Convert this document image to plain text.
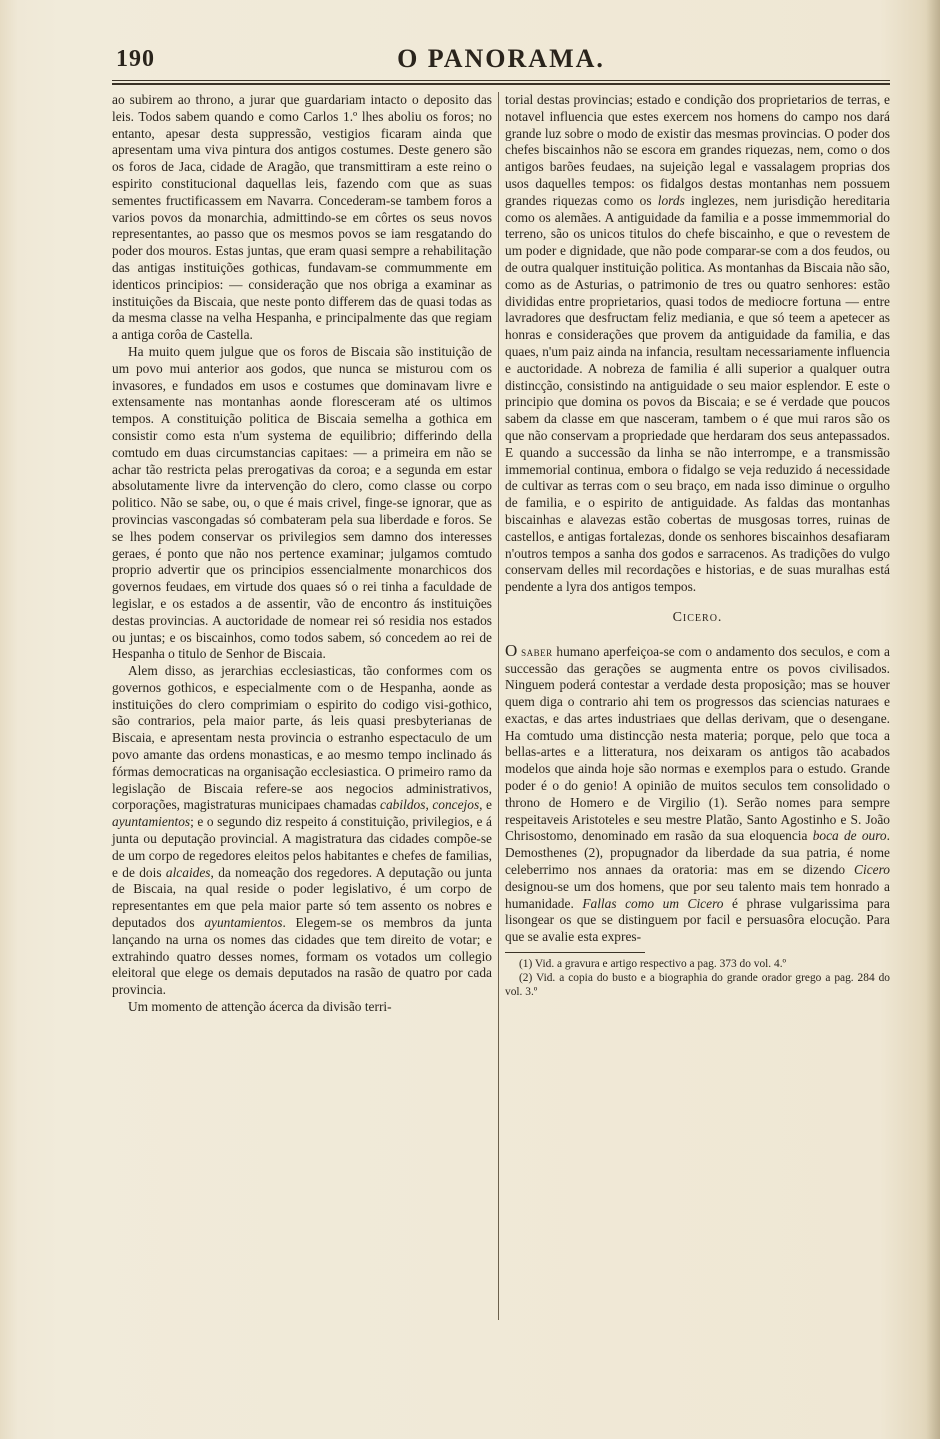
190	O PANORAMA.

ao subirem ao throno, a jurar que guardariam intacto o deposito das leis. Todos sabem quando e como Carlos 1.º lhes aboliu os foros; no entanto, apesar desta suppressão, vestigios ficaram ainda que apresentam uma viva pintura dos antigos costumes. Deste genero são os foros de Jaca, cidade de Aragão, que transmittiram a este reino o espirito constitucional daquellas leis, fazendo com que as suas sementes fructificassem em Navarra. Concederam-se tambem foros a varios povos da monarchia, admittindo-se em côrtes os seus novos representantes, ao passo que os mesmos povos se iam resgatando do poder dos mouros. Estas juntas, que eram quasi sempre a rehabilitação das antigas instituições gothicas, fundavam-se commummente em identicos principios: — consideração que nos obriga a examinar as instituições da Biscaia, que neste ponto differem das de quasi todas as da mesma classe na velha Hespanha, e principalmente das que regiam a antiga corôa de Castella.

Ha muito quem julgue que os foros de Biscaia são instituição de um povo mui anterior aos godos, que nunca se misturou com os invasores, e fundados em usos e costumes que dominavam livre e extensamente nas montanhas aonde floresceram até os ultimos tempos. A constituição politica de Biscaia semelha a gothica em consistir como esta n'um systema de equilibrio; differindo della comtudo em duas circumstancias capitaes: — a primeira em não se achar tão restricta pelas prerogativas da coroa; e a segunda em estar absolutamente livre da intervenção do clero, como classe ou corpo politico. Não se sabe, ou, o que é mais crivel, finge-se ignorar, que as provincias vascongadas só combateram pela sua liberdade e foros. Se se lhes podem conservar os privilegios sem damno dos interesses geraes, é ponto que não nos pertence examinar; julgamos comtudo proprio advertir que os principios essencialmente monarchicos dos governos feudaes, em virtude dos quaes só o rei tinha a faculdade de legislar, e os estados a de assentir, vão de encontro ás instituições destas provincias. A auctoridade de nomear rei só residia nos estados ou juntas; e os biscainhos, como todos sabem, só concedem ao rei de Hespanha o titulo de Senhor de Biscaia.

Alem disso, as jerarchias ecclesiasticas, tão conformes com os governos gothicos, e especialmente com o de Hespanha, aonde as instituições do clero comprimiam o espirito do codigo visi-gothico, são contrarios, pela maior parte, ás leis quasi presbyterianas de Biscaia, e apresentam nesta provincia o estranho espectaculo de um povo amante das ordens monasticas, e ao mesmo tempo inclinado ás fórmas democraticas na organisação ecclesiastica. O primeiro ramo da legislação de Biscaia refere-se aos negocios administrativos, corporações, magistraturas municipaes chamadas cabildos, concejos, e ayuntamientos; e o segundo diz respeito á constituição, privilegios, e á junta ou deputação provincial. A magistratura das cidades compõe-se de um corpo de regedores eleitos pelos habitantes e chefes de familias, e de dois alcaides, da nomeação dos regedores. A deputação ou junta de Biscaia, na qual reside o poder legislativo, é um corpo de representantes em que pela maior parte só tem assento os nobres e deputados dos ayuntamientos. Elegem-se os membros da junta lançando na urna os nomes das cidades que tem direito de votar; e extrahindo quatro desses nomes, formam os votados um collegio eleitoral que elege os demais deputados na rasão de quatro por cada provincia.

Um momento de attenção ácerca da divisão terri-

torial destas provincias; estado e condição dos proprietarios de terras, e notavel influencia que estes exercem nos homens do campo nos dará grande luz sobre o modo de existir das mesmas provincias. O poder dos chefes biscainhos não se escora em grandes riquezas, nem, como o dos antigos barões feudaes, na sujeição legal e vassalagem proprias dos usos daquelles tempos: os fidalgos destas montanhas nem possuem grandes riquezas como os lords inglezes, nem jurisdição hereditaria como os alemães. A antiguidade da familia e a posse immemmorial do terreno, são os unicos titulos do chefe biscainho, e que o revestem de um poder e dignidade, que não pode comparar-se com a dos feudos, ou de outra qualquer instituição politica. As montanhas da Biscaia não são, como as de Asturias, o patrimonio de tres ou quatro senhores: estão divididas entre proprietarios, quasi todos de mediocre fortuna — entre lavradores que desfructam feliz mediania, e que só teem a apetecer as honras e considerações que provem da antiguidade da familia, e das quaes, n'um paiz ainda na infancia, resultam necessariamente influencia e auctoridade. A nobreza de familia é alli superior a qualquer outra distincção, consistindo na antiguidade o seu maior esplendor. E este o principio que domina os povos da Biscaia; e se é verdade que poucos sabem da classe em que nasceram, tambem o é que mui raros são os que não conservam a propriedade que herdaram dos seus antepassados. E quando a successão da linha se não interrompe, e a transmissão immemorial continua, embora o fidalgo se veja reduzido á necessidade de cultivar as terras com o seu braço, em nada isso diminue o orgulho de familia, e o espirito de antiguidade. As faldas das montanhas biscainhas e alavezas estão cobertas de musgosas torres, ruinas de castellos, e antigas fortalezas, donde os senhores biscainhos desafiaram n'outros tempos a sanha dos godos e sarracenos. As tradições do vulgo conservam delles mil recordações e historias, e de suas muralhas está pendente a lyra dos antigos tempos.

Cicero.

O saber humano aperfeiçoa-se com o andamento dos seculos, e com a successão das gerações se augmenta entre os povos civilisados. Ninguem poderá contestar a verdade desta proposição; mas se houver quem diga o contrario ahi tem os progressos das sciencias naturaes e exactas, e das artes industriaes que dellas derivam, que o desengane. Ha comtudo uma distincção nesta materia; porque, pelo que toca a bellas-artes e a litteratura, nos deixaram os antigos tão acabados modelos que ainda hoje são normas e exemplos para o estudo. Grande poder é o do genio! A opinião de muitos seculos tem consolidado o throno de Homero e de Virgilio (1). Serão nomes para sempre respeitaveis Aristoteles e seu mestre Platão, Santo Agostinho e S. João Chrisostomo, denominado em rasão da sua eloquencia boca de ouro. Demosthenes (2), propugnador da liberdade da sua patria, é nome celeberrimo nos annaes da oratoria: mas em se dizendo Cicero designou-se um dos homens, que por seu talento mais tem honrado a humanidade. Fallas como um Cicero é phrase vulgarissima para lisongear os que se distinguem por facil e persuasôra elocução. Para que se avalie esta expres-

(1) Vid. a gravura e artigo respectivo a pag. 373 do vol. 4.º

(2) Vid. a copia do busto e a biographia do grande orador grego a pag. 284 do vol. 3.º
